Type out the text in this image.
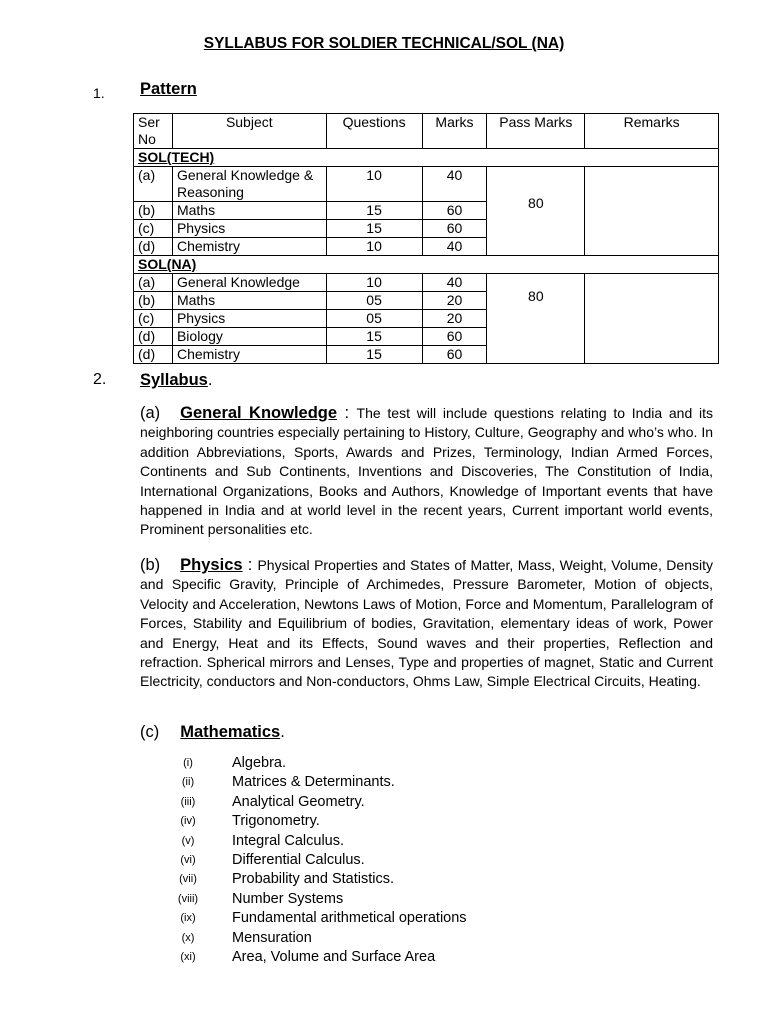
SYLLABUS FOR SOLDIER TECHNICAL/SOL (NA)
1. Pattern
Ser No	Subject	Questions	Marks	Pass Marks	Remarks
SOL(TECH)					
(a)	General Knowledge & Reasoning	10	40	80	
(b)	Maths	15	60		
(c)	Physics	15	60		
(d)	Chemistry	10	40		
SOL(NA)					
(a)	General Knowledge	10	40	80	
(b)	Maths	05	20		
(c)	Physics	05	20		
(d)	Biology	15	60		
(d)	Chemistry	15	60		
2. Syllabus.
(a) General Knowledge : The test will include questions relating to India and its neighboring countries especially pertaining to History, Culture, Geography and who’s who. In addition Abbreviations, Sports, Awards and Prizes, Terminology, Indian Armed Forces, Continents and Sub Continents, Inventions and Discoveries, The Constitution of India, International Organizations, Books and Authors, Knowledge of Important events that have happened in India and at world level in the recent years, Current important world events, Prominent personalities etc.
(b) Physics : Physical Properties and States of Matter, Mass, Weight, Volume, Density and Specific Gravity, Principle of Archimedes, Pressure Barometer, Motion of objects, Velocity and Acceleration, Newtons Laws of Motion, Force and Momentum, Parallelogram of Forces, Stability and Equilibrium of bodies, Gravitation, elementary ideas of work, Power and Energy, Heat and its Effects, Sound waves and their properties, Reflection and refraction. Spherical mirrors and Lenses, Type and properties of magnet, Static and Current Electricity, conductors and Non-conductors, Ohms Law, Simple Electrical Circuits, Heating.
(c) Mathematics.
(i)	Algebra.
(ii)	Matrices & Determinants.
(iii)	Analytical Geometry.
(iv)	Trigonometry.
(v)	Integral Calculus.
(vi)	Differential Calculus.
(vii) Probability and Statistics.
(viii) Number Systems
(ix)	Fundamental arithmetical operations
(x)	Mensuration
(xi)	Area, Volume and Surface Area
